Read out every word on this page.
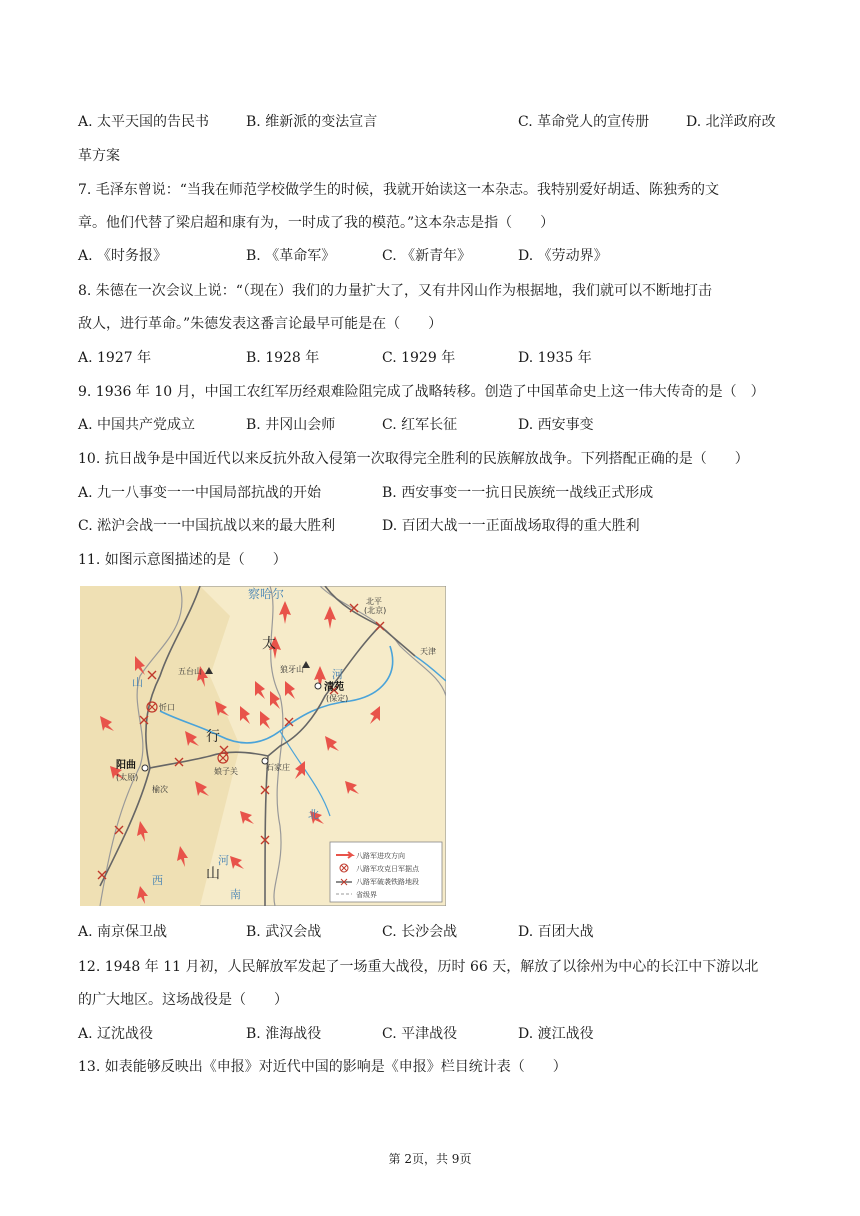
A. 太平天国的告民书	B. 维新派的变法宣言	C. 革命党人的宣传册	D. 北洋政府改
革方案
7. 毛泽东曾说：“当我在师范学校做学生的时候，我就开始读这一本杂志。我特别爱好胡适、陈独秀的文
章。他们代替了梁启超和康有为，一时成了我的模范。”这本杂志是指（　　）
A. 《时务报》	B. 《革命军》	C. 《新青年》	D. 《劳动界》
8. 朱德在一次会议上说：“（现在）我们的力量扩大了，又有井冈山作为根据地，我们就可以不断地打击
敌人，进行革命。”朱德发表这番言论最早可能是在（　　）
A. 1927 年	B. 1928 年	C. 1929 年	D. 1935 年
9. 1936 年 10 月，中国工农红军历经艰难险阻完成了战略转移。创造了中国革命史上这一伟大传奇的是（　）
A. 中国共产党成立	B. 井冈山会师	C. 红军长征	D. 西安事变
10. 抗日战争是中国近代以来反抗外敌入侵第一次取得完全胜利的民族解放战争。下列搭配正确的是（　　）
A. 九一八事变一一中国局部抗战的开始	B. 西安事变一一抗日民族统一战线正式形成
C. 淞沪会战一一中国抗战以来的最大胜利	D. 百团大战一一正面战场取得的重大胜利
11. 如图示意图描述的是（　　）
察哈尔
北平
(北京)
天津
五台山	狼牙山
清苑
(保定)
忻口
阳曲
(太原)
娘子关	石家庄
榆次
太
行
山
山
西
河
北
南
河	八路军进攻方向
八路军攻克日军据点
八路军破袭铁路地段
省级界
A. 南京保卫战	B. 武汉会战	C. 长沙会战	D. 百团大战
12. 1948 年 11 月初，人民解放军发起了一场重大战役，历时 66 天，解放了以徐州为中心的长江中下游以北
的广大地区。这场战役是（　　）
A. 辽沈战役	B. 淮海战役	C. 平津战役	D. 渡江战役
13. 如表能够反映出《申报》对近代中国的影响是《申报》栏目统计表（　　）
第 2页，共 9页
